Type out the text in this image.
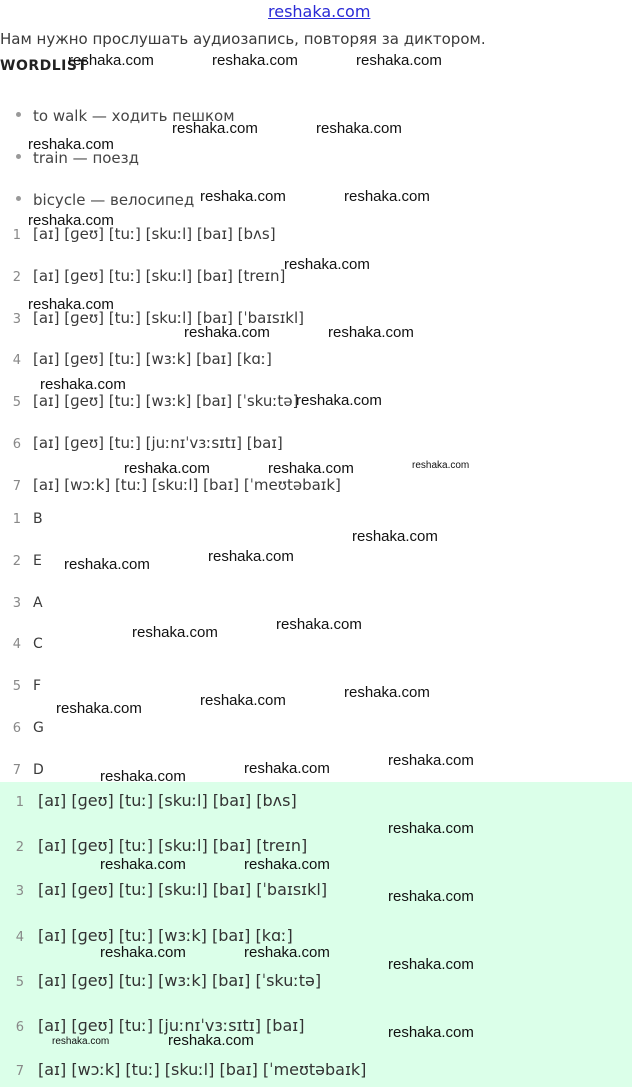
reshaka.com
Нам нужно прослушать аудиозапись, повторяя за диктором.
WORDLIST
to walk — ходить пешком
train — поезд
bicycle — велосипед
1 [aɪ] [ɡeʊ] [tuː] [skuːl] [baɪ] [bʌs]
2 [aɪ] [ɡeʊ] [tuː] [skuːl] [baɪ] [treɪn]
3 [aɪ] [ɡeʊ] [tuː] [skuːl] [baɪ] [ˈbaɪsɪkl]
4 [aɪ] [ɡeʊ] [tuː] [wɜːk] [baɪ] [kɑː]
5 [aɪ] [ɡeʊ] [tuː] [wɜːk] [baɪ] [ˈskuːtə]
6 [aɪ] [ɡeʊ] [tuː] [juːnɪˈvɜːsɪtɪ] [baɪ]
7 [aɪ] [wɔːk] [tuː] [skuːl] [baɪ] [ˈmeʊtəbaɪk]
1 B
2 E
3 A
4 C
5 F
6 G
7 D
1 [aɪ] [ɡeʊ] [tuː] [skuːl] [baɪ] [bʌs]
2 [aɪ] [ɡeʊ] [tuː] [skuːl] [baɪ] [treɪn]
3 [aɪ] [ɡeʊ] [tuː] [skuːl] [baɪ] [ˈbaɪsɪkl]
4 [aɪ] [ɡeʊ] [tuː] [wɜːk] [baɪ] [kɑː]
5 [aɪ] [ɡeʊ] [tuː] [wɜːk] [baɪ] [ˈskuːtə]
6 [aɪ] [ɡeʊ] [tuː] [juːnɪˈvɜːsɪtɪ] [baɪ]
7 [aɪ] [wɔːk] [tuː] [skuːl] [baɪ] [ˈmeʊtəbaɪk]
reshaka.com	reshaka.com	reshaka.com
reshaka.com	reshaka.com
reshaka.com
reshaka.com	reshaka.com
reshaka.com
reshaka.com
reshaka.com
reshaka.com	reshaka.com
reshaka.com
reshaka.com
reshaka.com	reshaka.com	reshaka.com
reshaka.com
reshaka.com	reshaka.com
reshaka.com	reshaka.com
reshaka.com	reshaka.com	reshaka.com
reshaka.com	reshaka.com	reshaka.com
reshaka.com
reshaka.com	reshaka.com
reshaka.com
reshaka.com	reshaka.com
reshaka.com
reshaka.com
reshaka.com
reshaka.com
